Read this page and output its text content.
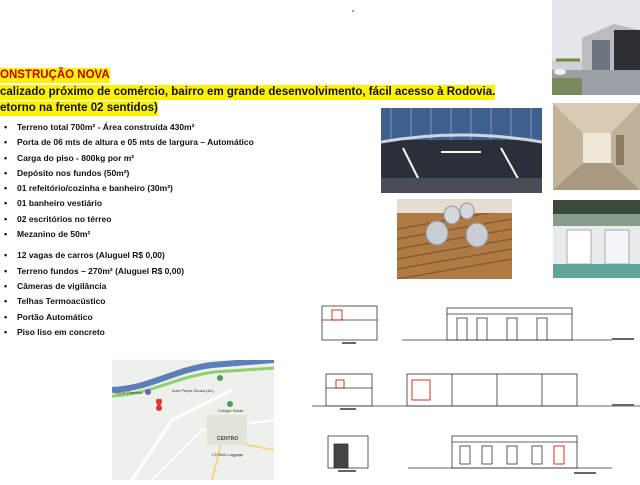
ONSTRUÇÃO NOVA
calizado próximo de comércio, bairro em grande desenvolvimento, fácil acesso à Rodovia.
etorno na frente 02 sentidos)
• Terreno total 700m² - Área construída 430m²
• Porta de 06 mts de altura e 05 mts de largura – Automático
• Carga do piso - 800kg por m²
• Depósito nos fundos (50m²)
• 01 refeitório/cozinha e banheiro (30m²)
• 01 banheiro vestiário
• 02 escritórios no térreo
• Mezanino de 50m²
• 12 vagas de carros (Aluguel R$ 0,00)
• Terreno fundos – 270m² (Aluguel R$ 0,00)
• Câmeras de vigilância
• Telhas Termoacústico
• Portão Automático
• Piso liso em concreto
Toyota Ribeirão	Auto Peças Souza (Av.)
Colégio Santa
CENTRO
LS Rent Luggage
